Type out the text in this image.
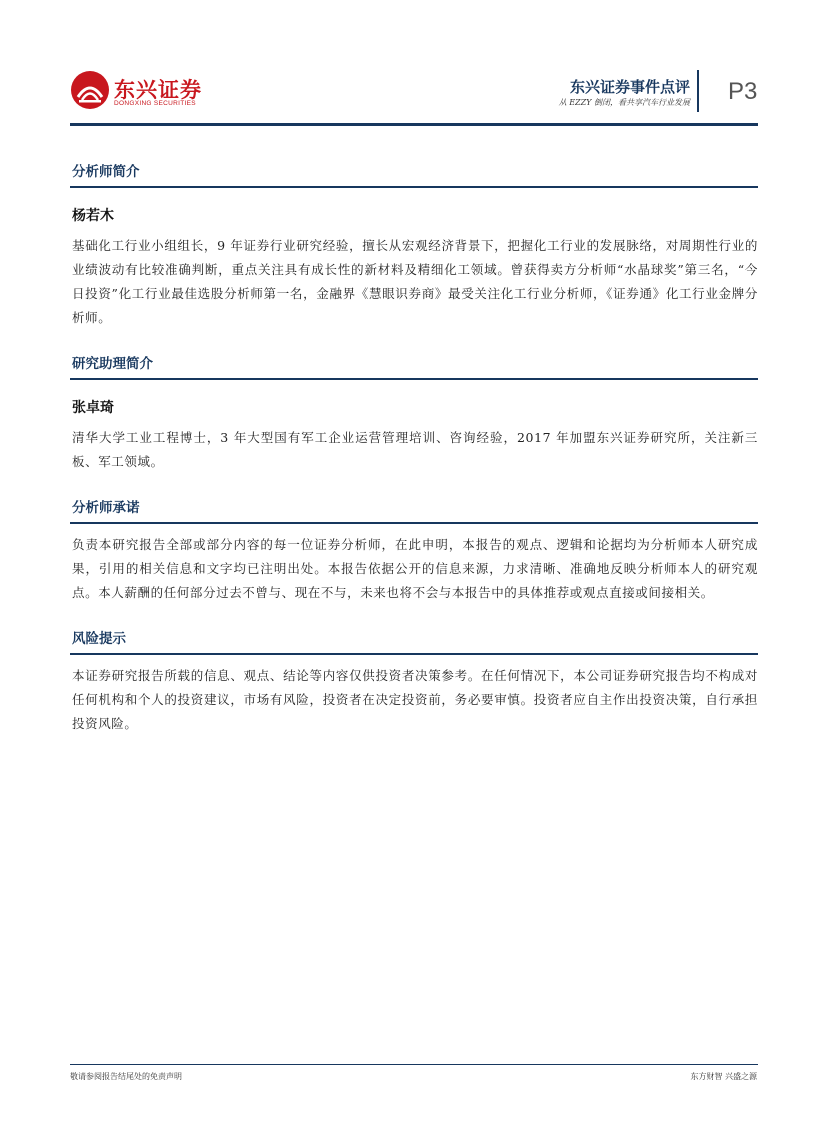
东兴证券
DONGXING SECURITIES
东兴证券事件点评
从 EZZY 倒闭，看共享汽车行业发展 P3
分析师简介
杨若木
基础化工行业小组组长，9 年证券行业研究经验，擅长从宏观经济背景下，把握化工行业的发展脉络，对周期性行业的业绩波动有比较准确判断，重点关注具有成长性的新材料及精细化工领域。曾获得卖方分析师“水晶球奖”第三名，“今日投资”化工行业最佳选股分析师第一名，金融界《慧眼识券商》最受关注化工行业分析师，《证券通》化工行业金牌分析师。
研究助理简介
张卓琦
清华大学工业工程博士，3 年大型国有军工企业运营管理培训、咨询经验，2017 年加盟东兴证券研究所，关注新三板、军工领域。
分析师承诺
负责本研究报告全部或部分内容的每一位证券分析师，在此申明，本报告的观点、逻辑和论据均为分析师本人研究成果，引用的相关信息和文字均已注明出处。本报告依据公开的信息来源，力求清晰、准确地反映分析师本人的研究观点。本人薪酬的任何部分过去不曾与、现在不与，未来也将不会与本报告中的具体推荐或观点直接或间接相关。
风险提示
本证券研究报告所载的信息、观点、结论等内容仅供投资者决策参考。在任何情况下，本公司证券研究报告均不构成对任何机构和个人的投资建议，市场有风险，投资者在决定投资前，务必要审慎。投资者应自主作出投资决策，自行承担投资风险。
敬请参阅报告结尾处的免责声明	东方财智 兴盛之源
